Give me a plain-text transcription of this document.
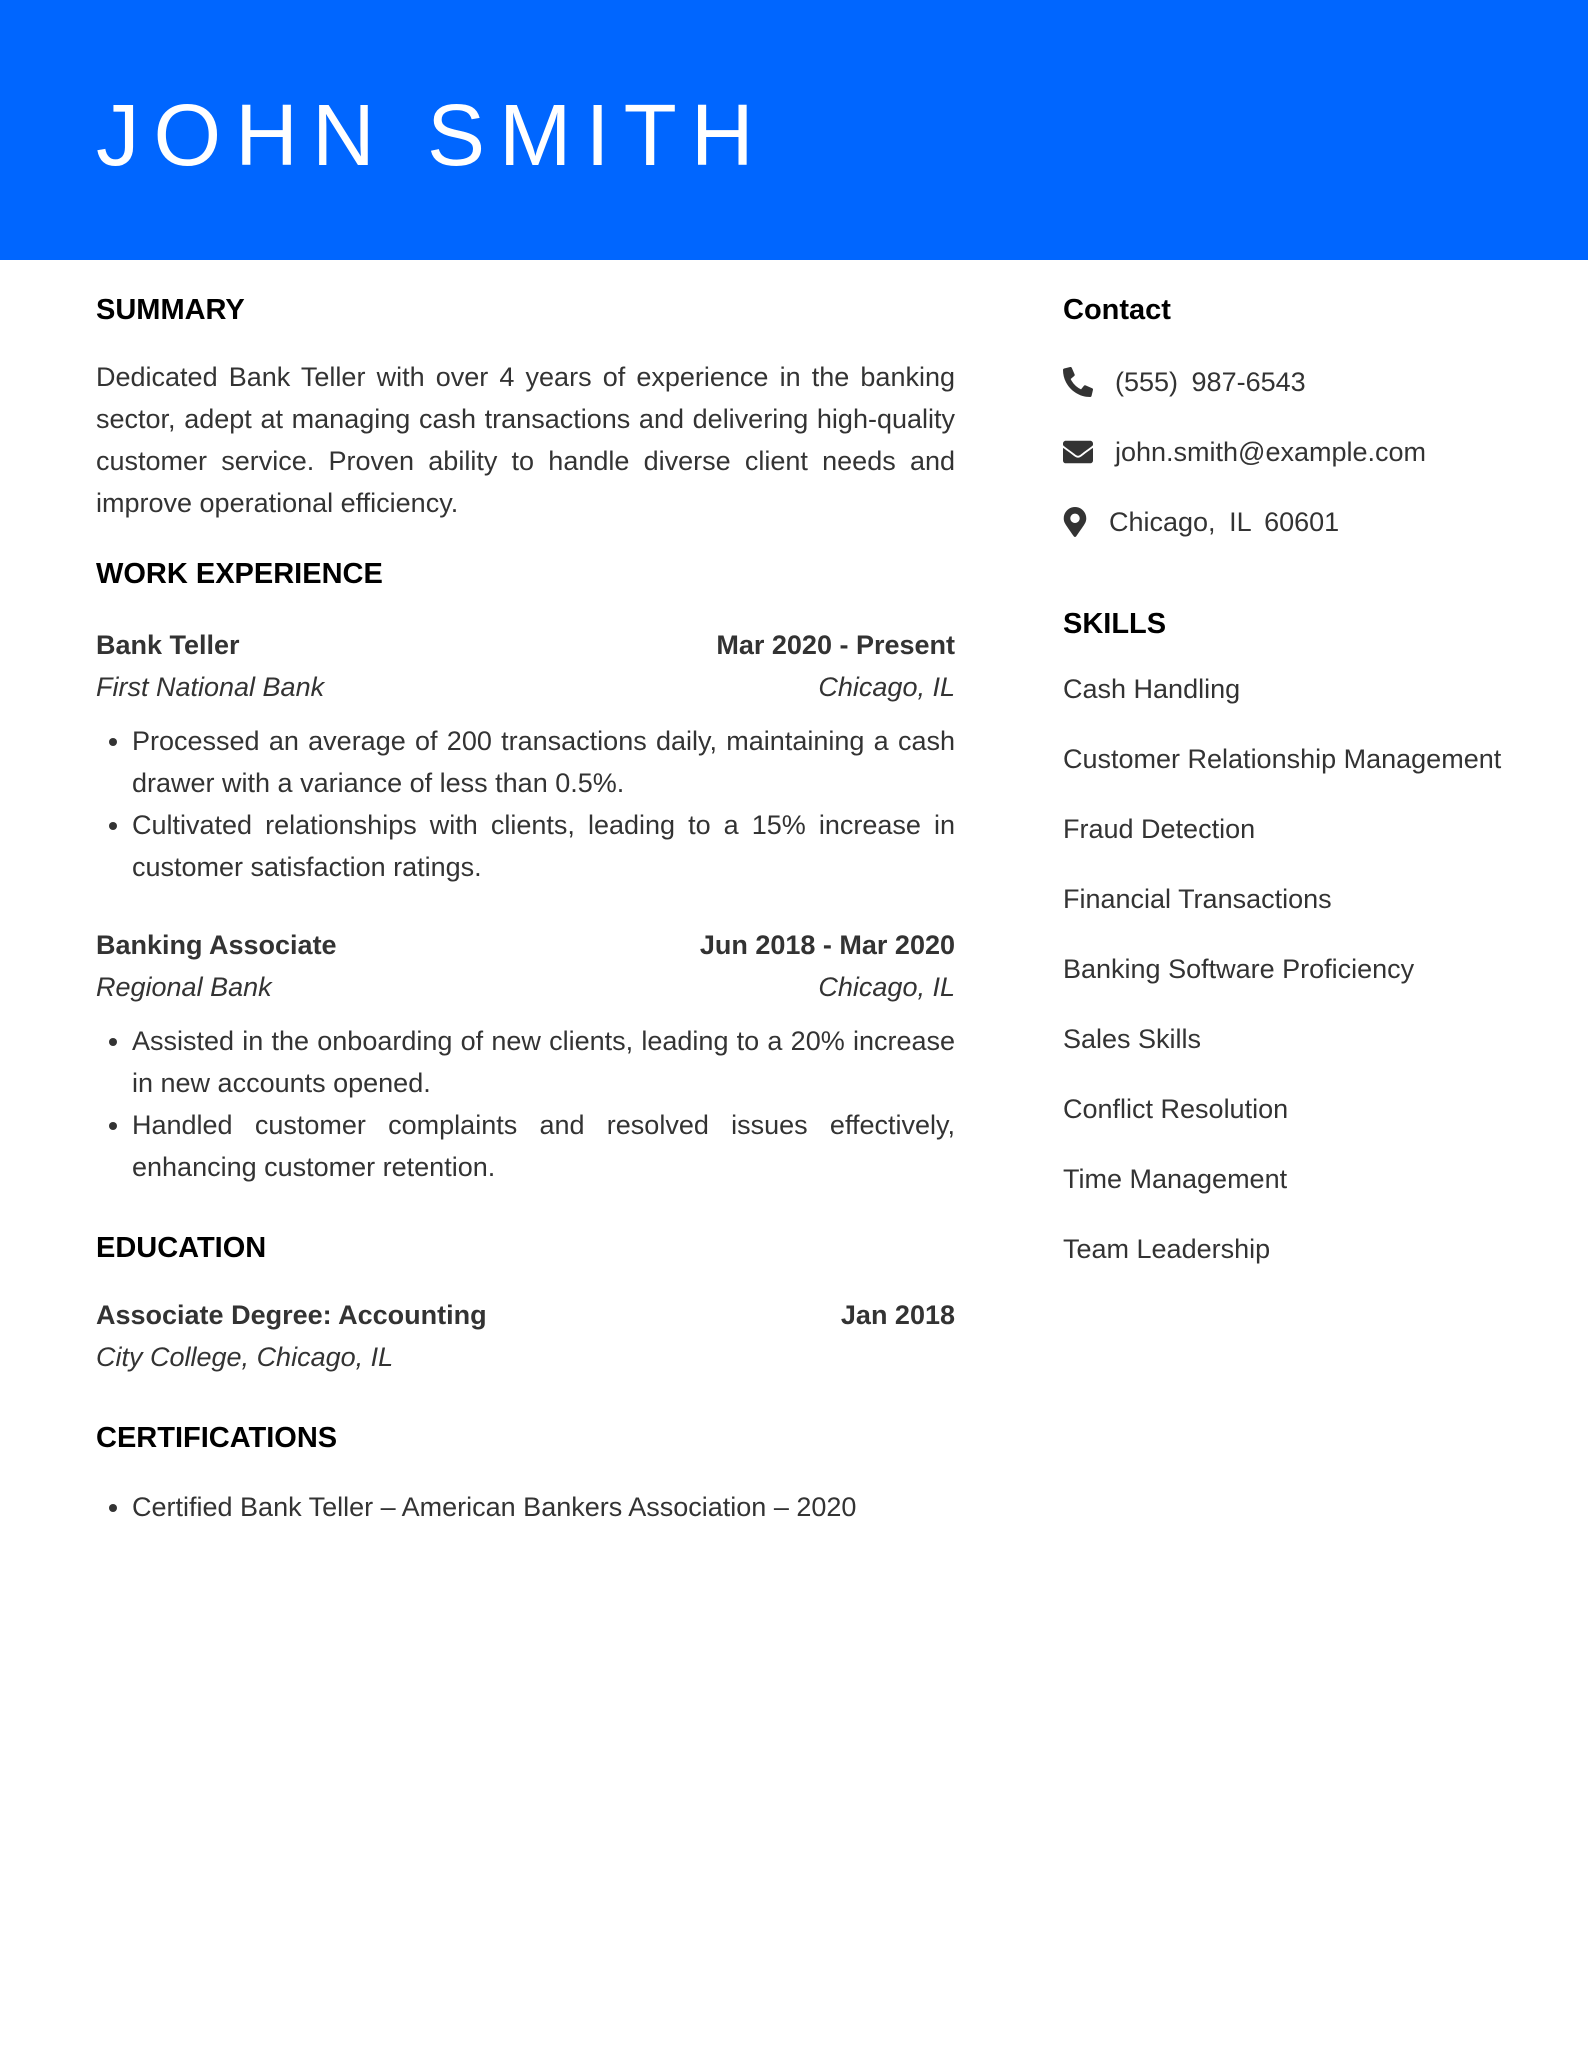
JOHN SMITH
SUMMARY

Dedicated Bank Teller with over 4 years of experience in the banking sector, adept at managing cash transactions and delivering high-quality customer service. Proven ability to handle diverse client needs and improve operational efficiency.

WORK EXPERIENCE
Bank Teller	Mar 2020 - Present
First National Bank	Chicago, IL
• Processed an average of 200 transactions daily, maintaining a cash drawer with a variance of less than 0.5%.
• Cultivated relationships with clients, leading to a 15% increase in customer satisfaction ratings.
Banking Associate	Jun 2018 - Mar 2020
Regional Bank	Chicago, IL
• Assisted in the onboarding of new clients, leading to a 20% increase in new accounts opened.
• Handled customer complaints and resolved issues effectively, enhancing customer retention.
EDUCATION
Associate Degree: Accounting	Jan 2018
City College, Chicago, IL
CERTIFICATIONS
• Certified Bank Teller – American Bankers Association – 2020
Contact
(555) 987-6543
john.smith@example.com
Chicago, IL 60601
SKILLS
Cash Handling
Customer Relationship Management
Fraud Detection
Financial Transactions
Banking Software Proficiency
Sales Skills
Conflict Resolution
Time Management
Team Leadership
